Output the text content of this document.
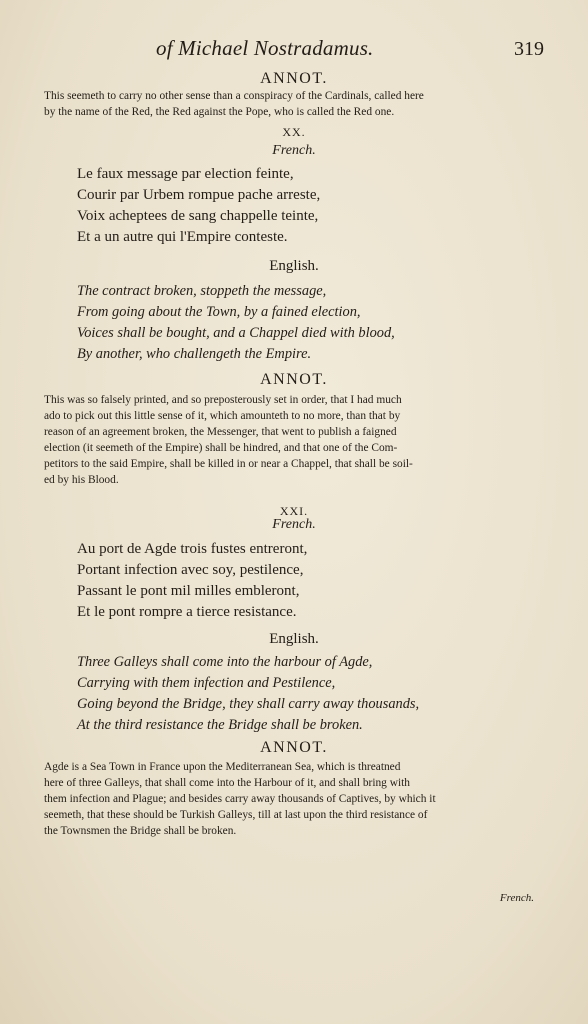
of Michael Nostradamus.	319
ANNOT.
This seemeth to carry no other sense than a conspiracy of the Cardinals, called here
by the name of the Red, the Red against the Pope, who is called the Red one.
XX.
French.
Le faux message par election feinte,
Courir par Urbem rompue pache arreste,
Voix acheptees de sang chappelle teinte,
Et a un autre qui l'Empire conteste.
English.
The contract broken, stoppeth the message,
From going about the Town, by a fained election,
Voices shall be bought, and a Chappel died with blood,
By another, who challengeth the Empire.
ANNOT.
This was so falsely printed, and so preposterously set in order, that I had much
ado to pick out this little sense of it, which amounteth to no more, than that by
reason of an agreement broken, the Messenger, that went to publish a faigned
election (it seemeth of the Empire) shall be hindred, and that one of the Com-
petitors to the said Empire, shall be killed in or near a Chappel, that shall be soil-
ed by his Blood.
XXI.
French.
Au port de Agde trois fustes entreront,
Portant infection avec soy, pestilence,
Passant le pont mil milles embleront,
Et le pont rompre a tierce resistance.
English.
Three Galleys shall come into the harbour of Agde,
Carrying with them infection and Pestilence,
Going beyond the Bridge, they shall carry away thousands,
At the third resistance the Bridge shall be broken.
ANNOT.
Agde is a Sea Town in France upon the Mediterranean Sea, which is threatned
here of three Galleys, that shall come into the Harbour of it, and shall bring with
them infection and Plague; and besides carry away thousands of Captives, by which it
seemeth, that these should be Turkish Galleys, till at last upon the third resistance of
the Townsmen the Bridge shall be broken.
French.
